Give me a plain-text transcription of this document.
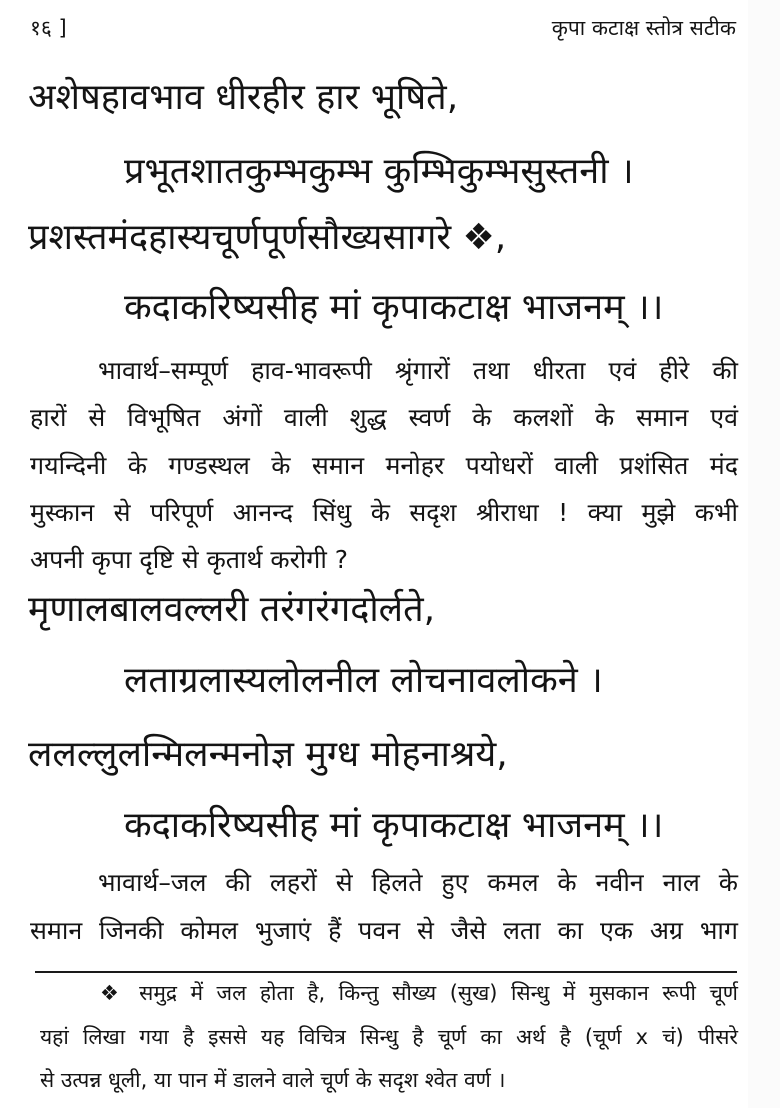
१६ ]	कृपा कटाक्ष स्तोत्र सटीक
अशेषहावभाव धीरहीर हार भूषिते,
प्रभूतशातकुम्भकुम्भ कुम्भिकुम्भसुस्तनी ।
प्रशस्तमंदहास्यचूर्णपूर्णसौख्यसागरे ❖,
कदाकरिष्यसीह मां कृपाकटाक्ष भाजनम् ।।
भावार्थ–सम्पूर्ण हाव-भावरूपी श्रृंगारों तथा धीरता एवं हीरे की
हारों से विभूषित अंगों वाली शुद्ध स्वर्ण के कलशों के समान एवं
गयन्दिनी के गण्डस्थल के समान मनोहर पयोधरों वाली प्रशंसित मंद
मुस्कान से परिपूर्ण आनन्द सिंधु के सदृश श्रीराधा ! क्या मुझे कभी
अपनी कृपा दृष्टि से कृतार्थ करोगी ?
मृणालबालवल्लरी तरंगरंगदोर्लते,
लताग्रलास्यलोलनील लोचनावलोकने ।
ललल्लुलन्मिलन्मनोज्ञ मुग्ध मोहनाश्रये,
कदाकरिष्यसीह मां कृपाकटाक्ष भाजनम् ।।
भावार्थ–जल की लहरों से हिलते हुए कमल के नवीन नाल के
समान जिनकी कोमल भुजाएं हैं पवन से जैसे लता का एक अग्र भाग
❖ समुद्र में जल होता है, किन्तु सौख्य (सुख) सिन्धु में मुसकान रूपी चूर्ण
यहां लिखा गया है इससे यह विचित्र सिन्धु है चूर्ण का अर्थ है (चूर्ण x चं) पीसरे
से उत्पन्न धूली, या पान में डालने वाले चूर्ण के सदृश श्वेत वर्ण ।
